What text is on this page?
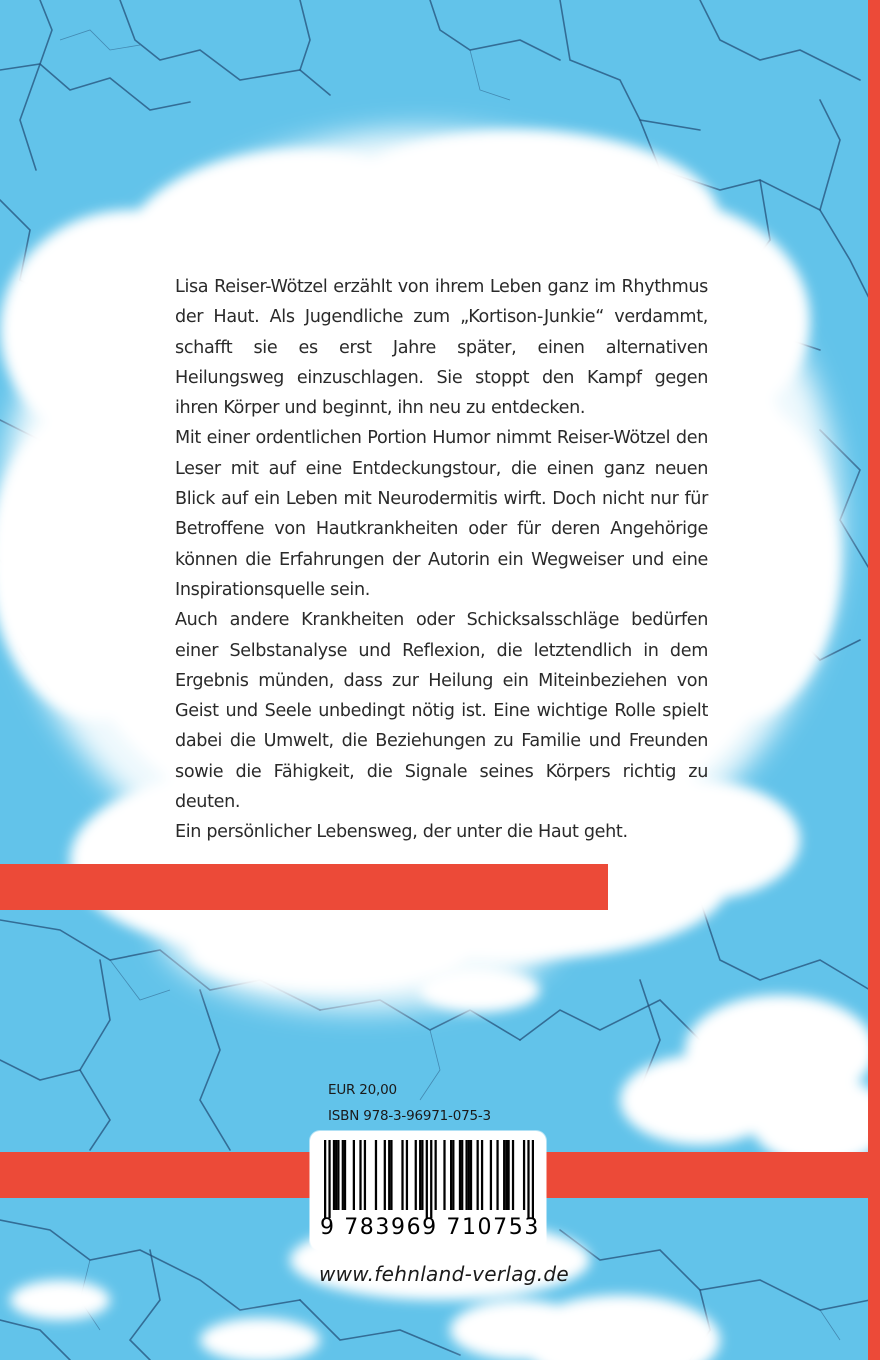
Lisa Reiser-Wötzel erzählt von ihrem Leben ganz im Rhythmus der Haut. Als Jugendliche zum „Kortison-Junkie“ verdammt, schafft sie es erst Jahre später, einen alternativen Heilungsweg einzuschlagen. Sie stoppt den Kampf gegen ihren Körper und beginnt, ihn neu zu entdecken.

Mit einer ordentlichen Portion Humor nimmt Reiser-Wötzel den Leser mit auf eine Entdeckungstour, die einen ganz neuen Blick auf ein Leben mit Neurodermitis wirft. Doch nicht nur für Betroffene von Hautkrankheiten oder für deren Angehörige können die Erfahrungen der Autorin ein Wegweiser und eine Inspirationsquelle sein.

Auch andere Krankheiten oder Schicksalsschläge bedürfen einer Selbstanalyse und Reflexion, die letztendlich in dem Ergebnis münden, dass zur Heilung ein Miteinbeziehen von Geist und Seele unbedingt nötig ist. Eine wichtige Rolle spielt dabei die Umwelt, die Beziehungen zu Familie und Freunden sowie die Fähigkeit, die Signale seines Körpers richtig zu deuten.

Ein persönlicher Lebensweg, der unter die Haut geht.

EUR 20,00
ISBN 978-3-96971-075-3
9 783969 710753
www.fehnland-verlag.de
